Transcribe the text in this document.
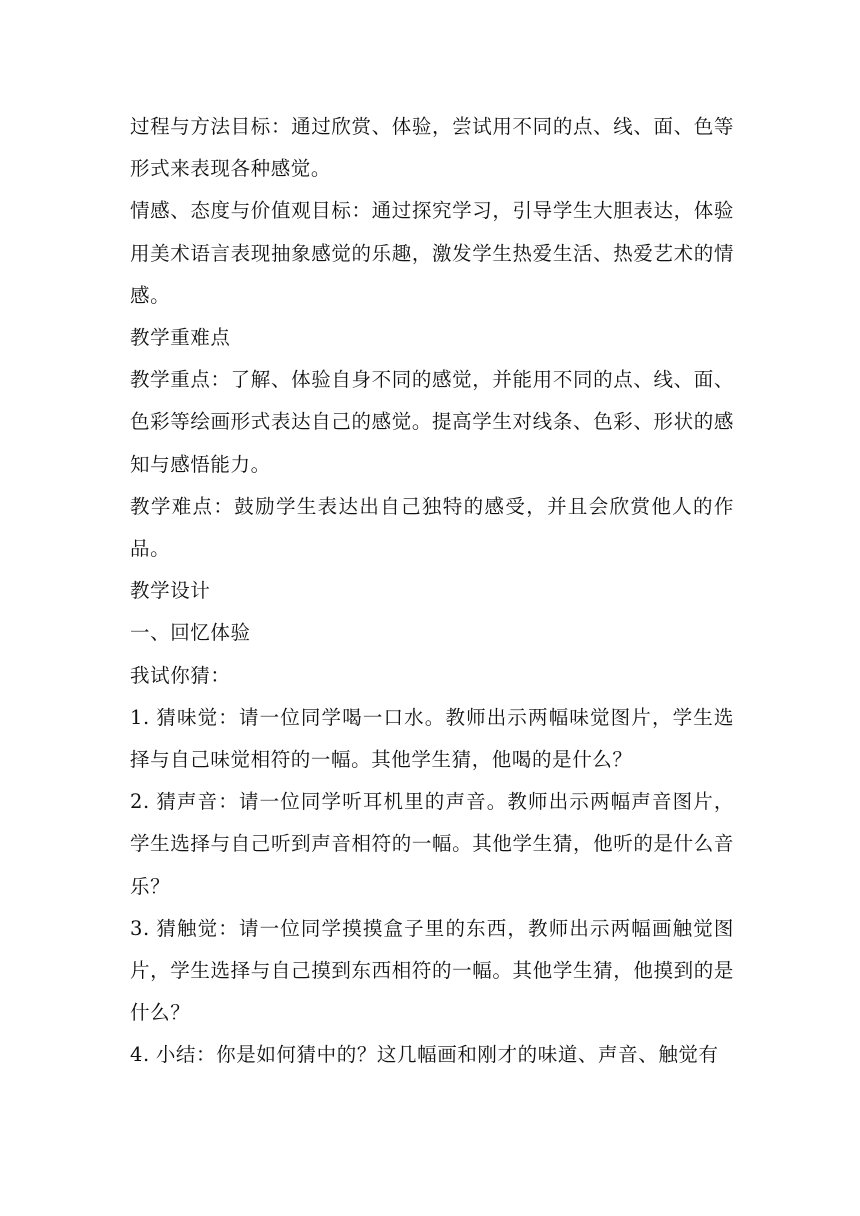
过程与方法目标：通过欣赏、体验，尝试用不同的点、线、面、色等形式来表现各种感觉。

情感、态度与价值观目标：通过探究学习，引导学生大胆表达，体验用美术语言表现抽象感觉的乐趣，激发学生热爱生活、热爱艺术的情感。

教学重难点

教学重点：了解、体验自身不同的感觉，并能用不同的点、线、面、色彩等绘画形式表达自己的感觉。提高学生对线条、色彩、形状的感知与感悟能力。

教学难点：鼓励学生表达出自己独特的感受，并且会欣赏他人的作品。

教学设计

一、回忆体验

我试你猜：

1. 猜味觉：请一位同学喝一口水。教师出示两幅味觉图片，学生选择与自己味觉相符的一幅。其他学生猜，他喝的是什么？

2. 猜声音：请一位同学听耳机里的声音。教师出示两幅声音图片，学生选择与自己听到声音相符的一幅。其他学生猜，他听的是什么音乐？

3. 猜触觉：请一位同学摸摸盒子里的东西，教师出示两幅画触觉图片，学生选择与自己摸到东西相符的一幅。其他学生猜，他摸到的是什么？

4. 小结：你是如何猜中的？这几幅画和刚才的味道、声音、触觉有
